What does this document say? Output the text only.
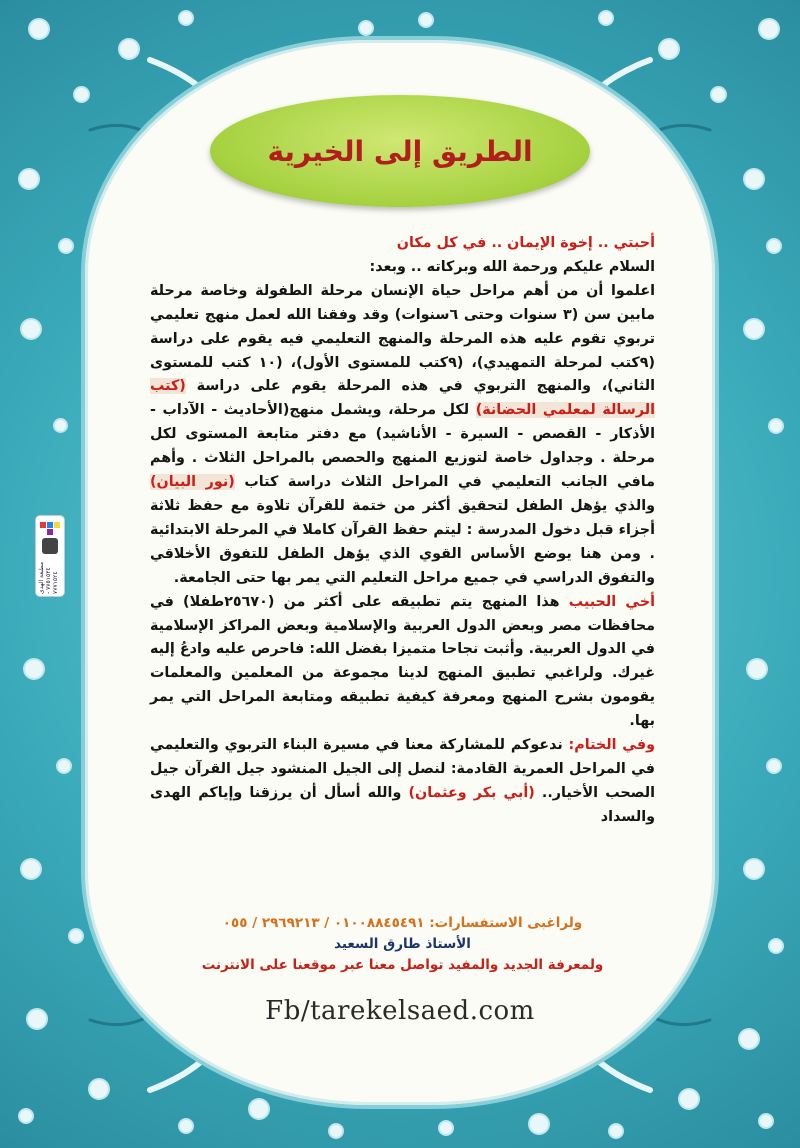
الطريق إلى الخيرية

أحبتي .. إخوة الإيمان .. في كل مكان

السلام عليكم ورحمة الله وبركاته .. وبعد:

اعلموا أن من أهم مراحل حياة الإنسان مرحلة الطفولة وخاصة مرحلة مابين سن (٣ سنوات وحتى ٦سنوات) وقد وفقنا الله لعمل منهج تعليمي تربوي تقوم عليه هذه المرحلة والمنهج التعليمي فيه يقوم على دراسة (٩كتب لمرحلة التمهيدي)، (٩كتب للمستوى الأول)، (١٠ كتب للمستوى الثاني)، والمنهج التربوي في هذه المرحلة يقوم على دراسة (كتب الرسالة لمعلمي الحضانة) لكل مرحلة، ويشمل منهج(الأحاديث - الآداب - الأذكار - القصص - السيرة - الأناشيد) مع دفتر متابعة المستوى لكل مرحلة . وجداول خاصة لتوزيع المنهج والحصص بالمراحل الثلاث . وأهم مافي الجانب التعليمي في المراحل الثلاث دراسة كتاب (نور البيان) والذي يؤهل الطفل لتحقيق أكثر من ختمة للقرآن تلاوة مع حفظ ثلاثة أجزاء قبل دخول المدرسة : ليتم حفظ القرآن كاملا في المرحلة الابتدائية . ومن هنا يوضع الأساس القوي الذي يؤهل الطفل للتفوق الأخلاقي والتفوق الدراسي في جميع مراحل التعليم التي يمر بها حتى الجامعة.

أخي الحبيب هذا المنهج يتم تطبيقه على أكثر من (٢٥٦٧٠طفلا) في محافظات مصر وبعض الدول العربية والإسلامية وبعض المراكز الإسلامية في الدول العربية. وأثبت نجاحا متميزا بفضل الله: فاحرص عليه وادعُ إليه غيرك. ولراغبي تطبيق المنهج لدينا مجموعة من المعلمين والمعلمات يقومون بشرح المنهج ومعرفة كيفية تطبيقه ومتابعة المراحل التي يمر بها.

وفي الختام: ندعوكم للمشاركة معنا في مسيرة البناء التربوي والتعليمي في المراحل العمرية القادمة: لنصل إلى الجيل المنشود جيل القرآن جيل الصحب الأخيار.. (أبي بكر وعثمان) والله أسأل أن يرزقنا وإياكم الهدى والسداد

ولراغبى الاستفسارات: ٠١٠٠٨٨٤٥٤٩١ / ٢٩٦٩٢١٣ / ٠٥٥
الأستاذ طارق السعيد
ولمعرفة الجديد والمفيد تواصل معنا عبر موقعنا على الانترنت
Fb/tarekelsaed.com
مطبعة الهدى ٧٧٥١٥٣٤ - ٧٧٧١٥٢٤
